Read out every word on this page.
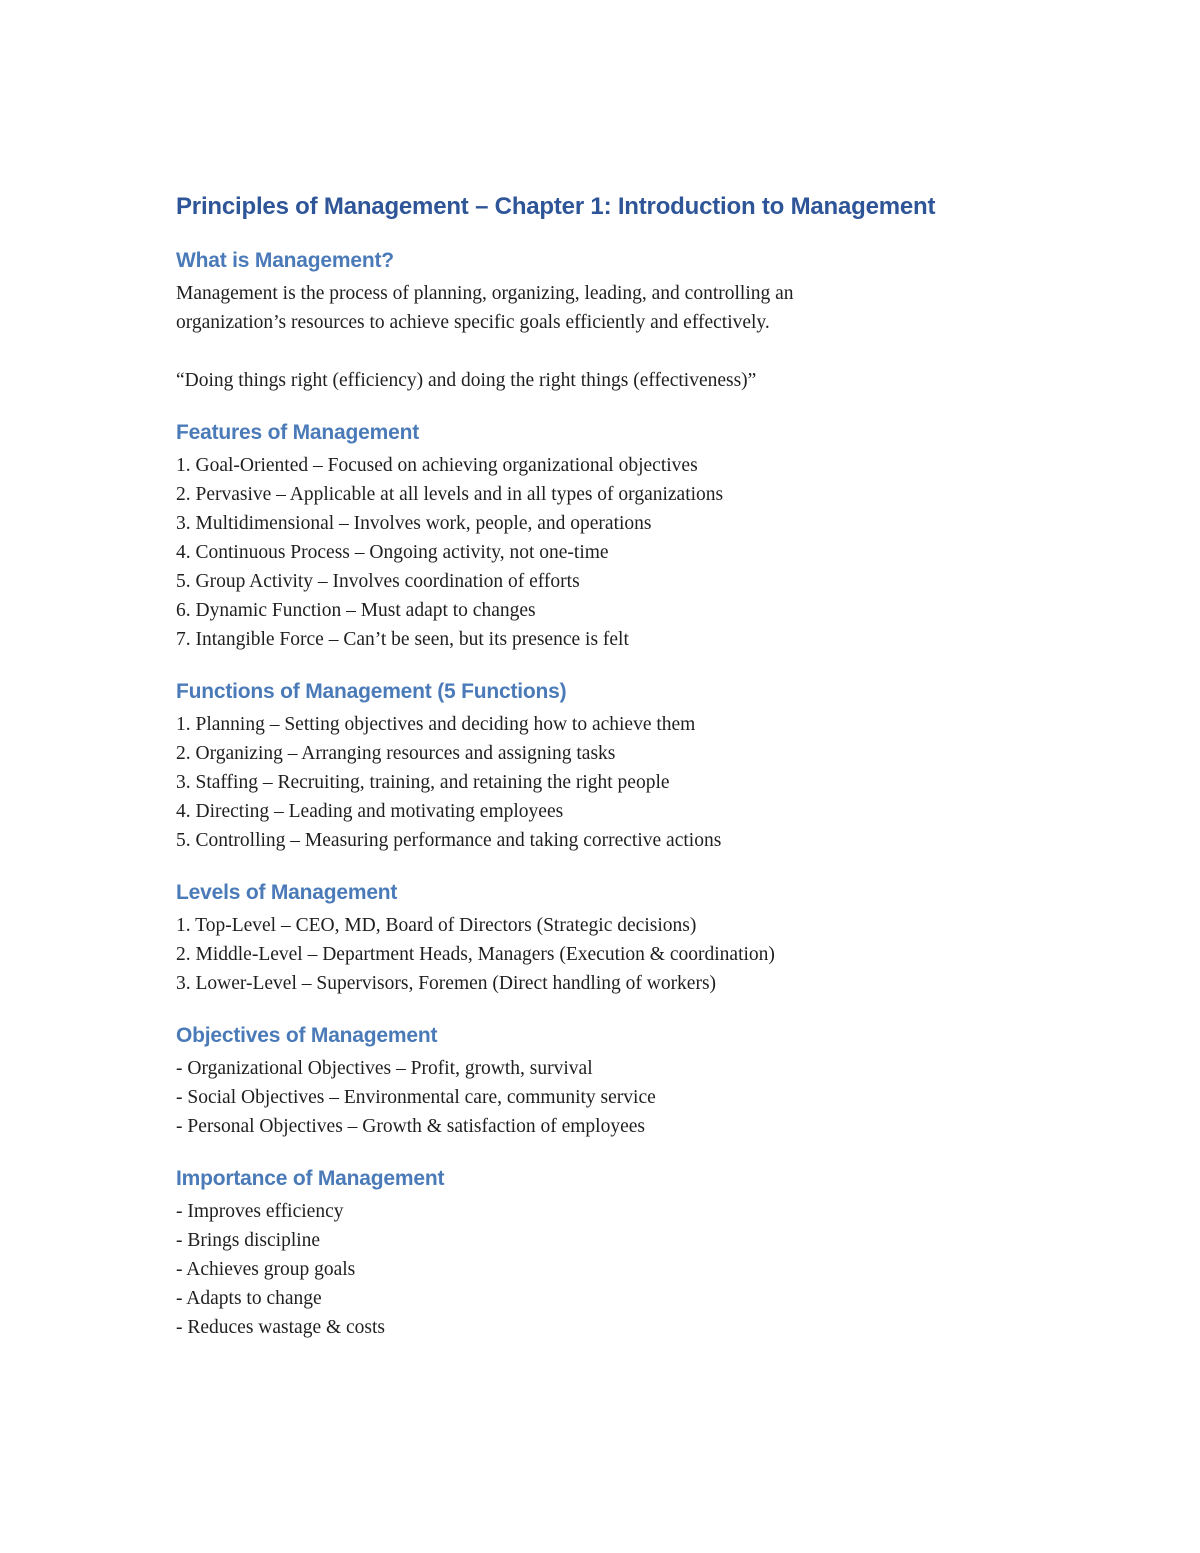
Principles of Management – Chapter 1: Introduction to Management
What is Management?

Management is the process of planning, organizing, leading, and controlling an

organization’s resources to achieve specific goals efficiently and effectively.

“Doing things right (efficiency) and doing the right things (effectiveness)”

Features of Management
1. Goal-Oriented – Focused on achieving organizational objectives
2. Pervasive – Applicable at all levels and in all types of organizations
3. Multidimensional – Involves work, people, and operations
4. Continuous Process – Ongoing activity, not one-time
5. Group Activity – Involves coordination of efforts
6. Dynamic Function – Must adapt to changes
7. Intangible Force – Can’t be seen, but its presence is felt
Functions of Management (5 Functions)
1. Planning – Setting objectives and deciding how to achieve them
2. Organizing – Arranging resources and assigning tasks
3. Staffing – Recruiting, training, and retaining the right people
4. Directing – Leading and motivating employees
5. Controlling – Measuring performance and taking corrective actions
Levels of Management
1. Top-Level – CEO, MD, Board of Directors (Strategic decisions)
2. Middle-Level – Department Heads, Managers (Execution & coordination)
3. Lower-Level – Supervisors, Foremen (Direct handling of workers)
Objectives of Management
- Organizational Objectives – Profit, growth, survival
- Social Objectives – Environmental care, community service
- Personal Objectives – Growth & satisfaction of employees
Importance of Management
- Improves efficiency
- Brings discipline
- Achieves group goals
- Adapts to change
- Reduces wastage & costs
